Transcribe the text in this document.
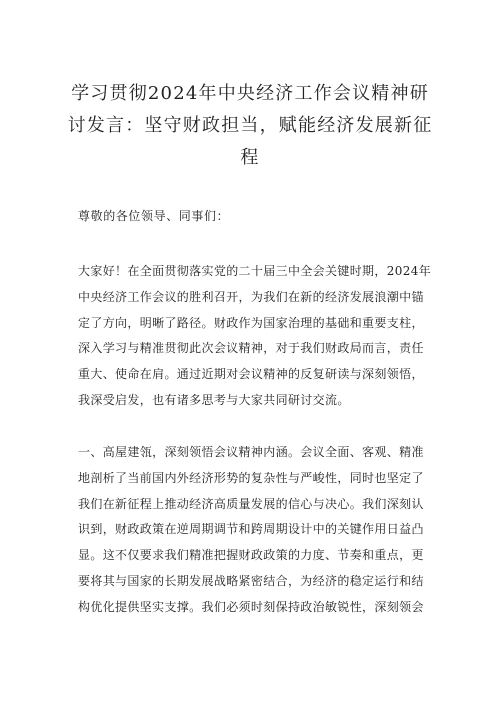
学习贯彻2024年中央经济工作会议精神研
讨发言：坚守财政担当，赋能经济发展新征
程
尊敬的各位领导、同事们：
大家好！在全面贯彻落实党的二十届三中全会关键时期，2024年
中央经济工作会议的胜利召开，为我们在新的经济发展浪潮中锚
定了方向，明晰了路径。财政作为国家治理的基础和重要支柱，
深入学习与精准贯彻此次会议精神，对于我们财政局而言，责任
重大、使命在肩。通过近期对会议精神的反复研读与深刻领悟，
我深受启发，也有诸多思考与大家共同研讨交流。
一、高屋建瓴，深刻领悟会议精神内涵。会议全面、客观、精准
地剖析了当前国内外经济形势的复杂性与严峻性，同时也坚定了
我们在新征程上推动经济高质量发展的信心与决心。我们深刻认
识到，财政政策在逆周期调节和跨周期设计中的关键作用日益凸
显。这不仅要求我们精准把握财政政策的力度、节奏和重点，更
要将其与国家的长期发展战略紧密结合，为经济的稳定运行和结
构优化提供坚实支撑。我们必须时刻保持政治敏锐性，深刻领会
